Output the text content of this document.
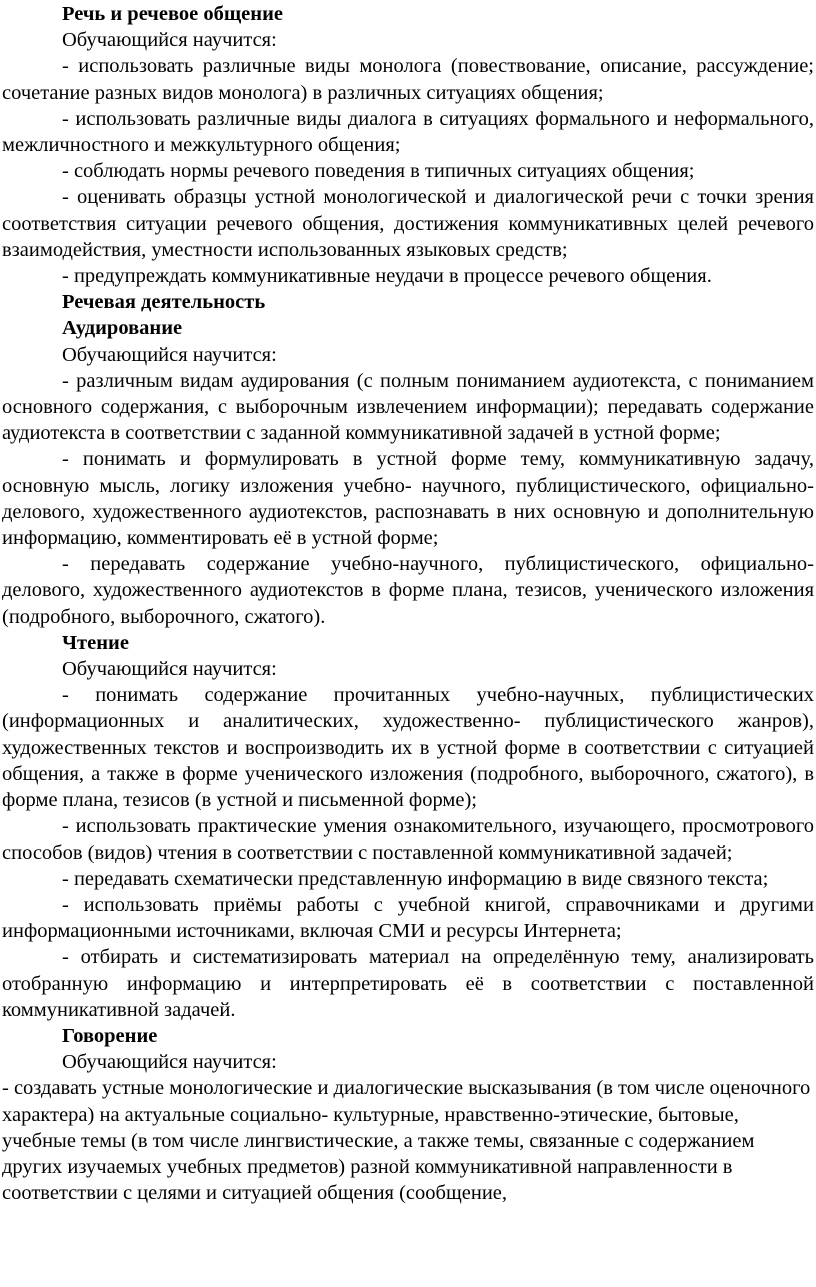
Речь и речевое общение

Обучающийся научится:

- использовать различные виды монолога (повествование, описание, рассуждение; сочетание разных видов монолога) в различных ситуациях общения;

- использовать различные виды диалога в ситуациях формального и неформального, межличностного и межкультурного общения;

- соблюдать нормы речевого поведения в типичных ситуациях общения;

- оценивать образцы устной монологической и диалогической речи с точки зрения соответствия ситуации речевого общения, достижения коммуникативных целей речевого взаимодействия, уместности использованных языковых средств;

- предупреждать коммуникативные неудачи в процессе речевого общения.

Речевая деятельность
Аудирование

Обучающийся научится:

- различным видам аудирования (с полным пониманием аудиотекста, с пониманием основного содержания, с выборочным извлечением информации); передавать содержание аудиотекста в соответствии с заданной коммуникативной задачей в устной форме;

- понимать и формулировать в устной форме тему, коммуникативную задачу, основную мысль, логику изложения учебно- научного, публицистического, официально-делового, художественного аудиотекстов, распознавать в них основную и дополнительную информацию, комментировать её в устной форме;

- передавать содержание учебно-научного, публицистического, официально-делового, художественного аудиотекстов в форме плана, тезисов, ученического изложения (подробного, выборочного, сжатого).

Чтение

Обучающийся научится:

- понимать содержание прочитанных учебно-научных, публицистических (информационных и аналитических, художественно- публицистического жанров), художественных текстов и воспроизводить их в устной форме в соответствии с ситуацией общения, а также в форме ученического изложения (подробного, выборочного, сжатого), в форме плана, тезисов (в устной и письменной форме);

- использовать практические умения ознакомительного, изучающего, просмотрового способов (видов) чтения в соответствии с поставленной коммуникативной задачей;

- передавать схематически представленную информацию в виде связного текста;

- использовать приёмы работы с учебной книгой, справочниками и другими информационными источниками, включая СМИ и ресурсы Интернета;

- отбирать и систематизировать материал на определённую тему, анализировать отобранную информацию и интерпретировать её в соответствии с поставленной коммуникативной задачей.

Говорение

Обучающийся научится:

- создавать устные монологические и диалогические высказывания (в том числе оценочного характера) на актуальные социально- культурные, нравственно-этические, бытовые, учебные темы (в том числе лингвистические, а также темы, связанные с содержанием других изучаемых учебных предметов) разной коммуникативной направленности в соответствии с целями и ситуацией общения (сообщение,
